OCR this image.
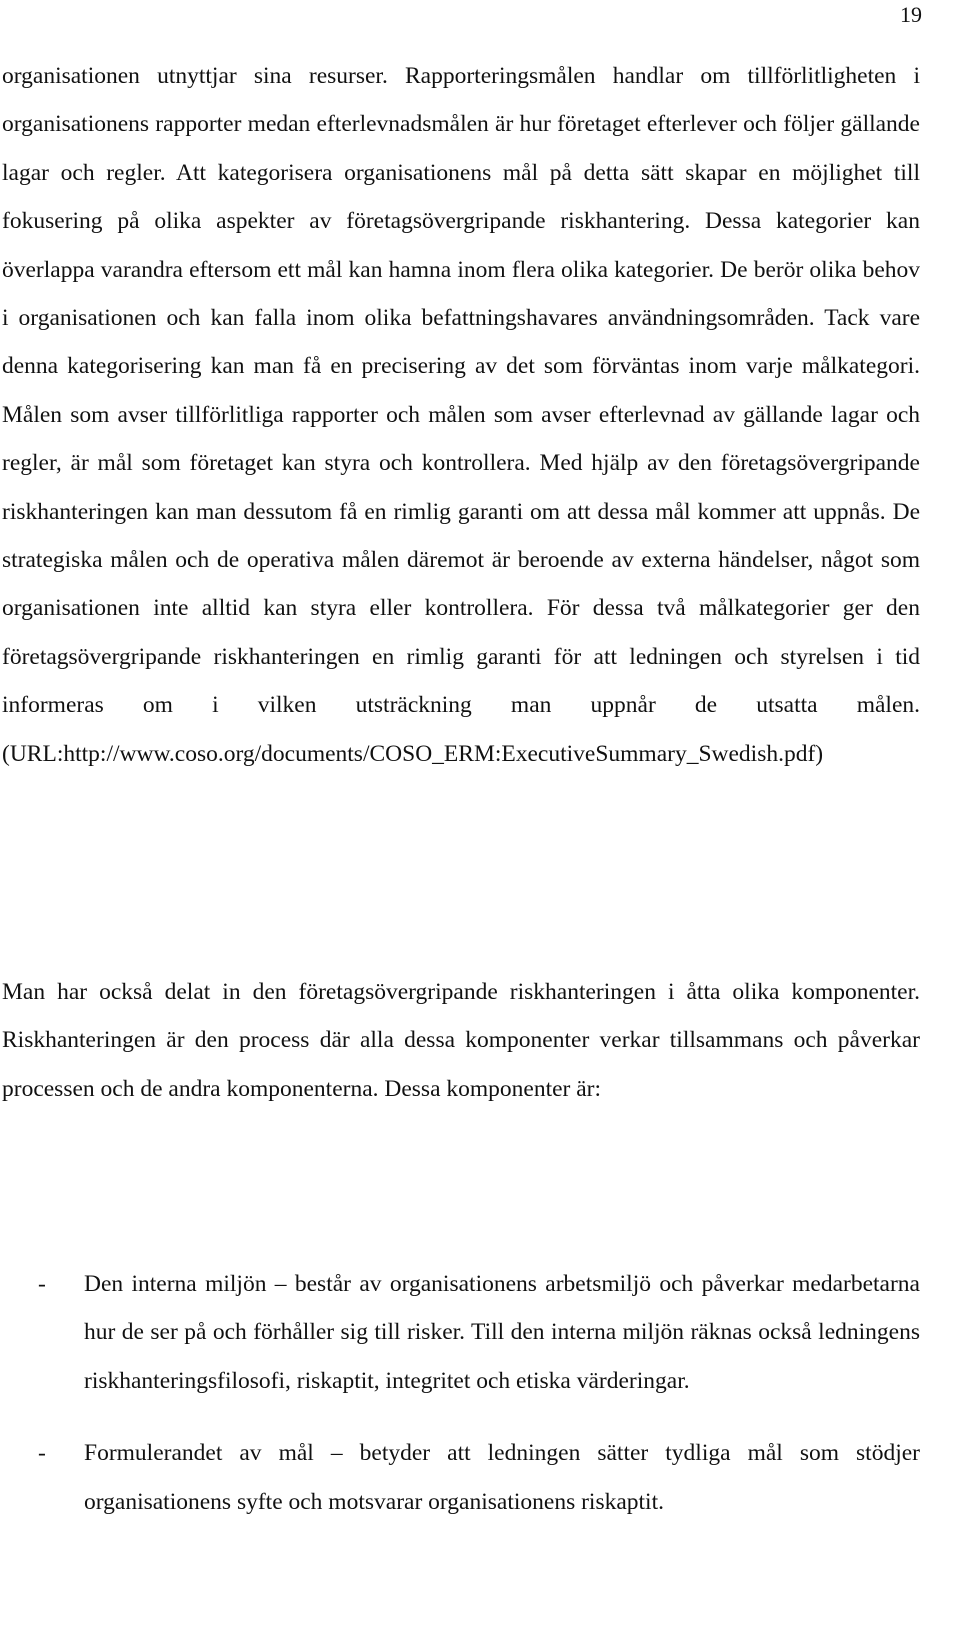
19

organisationen utnyttjar sina resurser. Rapporteringsmålen handlar om tillförlitligheten i organisationens rapporter medan efterlevnadsmålen är hur företaget efterlever och följer gällande lagar och regler. Att kategorisera organisationens mål på detta sätt skapar en möjlighet till fokusering på olika aspekter av företagsövergripande riskhantering. Dessa kategorier kan överlappa varandra eftersom ett mål kan hamna inom flera olika kategorier. De berör olika behov i organisationen och kan falla inom olika befattningshavares användningsområden. Tack vare denna kategorisering kan man få en precisering av det som förväntas inom varje målkategori. Målen som avser tillförlitliga rapporter och målen som avser efterlevnad av gällande lagar och regler, är mål som företaget kan styra och kontrollera. Med hjälp av den företagsövergripande riskhanteringen kan man dessutom få en rimlig garanti om att dessa mål kommer att uppnås. De strategiska målen och de operativa målen däremot är beroende av externa händelser, något som organisationen inte alltid kan styra eller kontrollera. För dessa två målkategorier ger den företagsövergripande riskhanteringen en rimlig garanti för att ledningen och styrelsen i tid informeras om i vilken utsträckning man uppnår de utsatta målen. (URL:http://www.coso.org/documents/COSO_ERM:ExecutiveSummary_Swedish.pdf)

Man har också delat in den företagsövergripande riskhanteringen i åtta olika komponenter. Riskhanteringen är den process där alla dessa komponenter verkar tillsammans och påverkar processen och de andra komponenterna. Dessa komponenter är:

- Den interna miljön – består av organisationens arbetsmiljö och påverkar medarbetarna hur de ser på och förhåller sig till risker. Till den interna miljön räknas också ledningens riskhanteringsfilosofi, riskaptit, integritet och etiska värderingar.
- Formulerandet av mål – betyder att ledningen sätter tydliga mål som stödjer organisationens syfte och motsvarar organisationens riskaptit.
